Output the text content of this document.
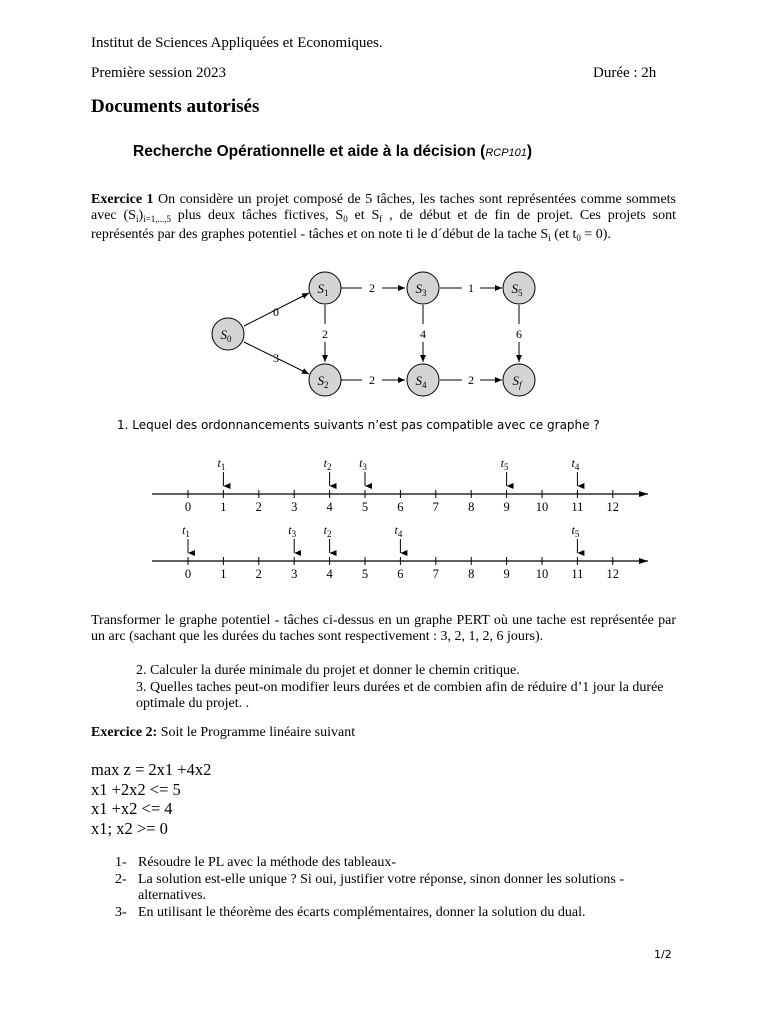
Institut de Sciences Appliquées et Economiques.
Première session 2023	Durée : 2h
Documents autorisés
Recherche Opérationnelle et aide à la décision (RCP101)
Exercice 1 On considère un projet composé de 5 tâches, les taches sont représentées comme sommets avec $(S_i)_{i=1,...,5}$ plus deux tâches fictives, $S_0$ et $S_f$ , de début et de fin de projet. Ces projets sont représentés par des graphes potentiel - tâches et on note ti le d´début de la tache $S_i$ (et $t_0 = 0$).
0
3
2
2
1
4
2	2
6
$S_0$
$S_1$
$S_2$
$S_3$
$S_4$
$S_5$
$S_f$
1. Lequel des ordonnancements suivants n’est pas compatible avec ce graphe ?
0 1 2 3 4 5 6 7 8 9 10 11 12
$t_1$	$t_2$ $t_3$	$t_5$	$t_4$
0 1 2 3 4 5 6 7 8 9 10 11 12
$t_1$	$t_3$ $t_2$	$t_4$	$t_5$
Transformer le graphe potentiel - tâches ci-dessus en un graphe PERT où une tache est représentée par un arc (sachant que les durées du taches sont respectivement : 3, 2, 1, 2, 6 jours).
2. Calculer la durée minimale du projet et donner le chemin critique.
3. Quelles taches peut-on modifier leurs durées et de combien afin de réduire d’1 jour la durée optimale du projet. .
Exercice 2: Soit le Programme linéaire suivant
max z = 2x1 +4x2
x1 +2x2 <= 5
x1 +x2 <= 4
x1; x2 >= 0
1- Résoudre le PL avec la méthode des tableaux-
2- La solution est-elle unique ? Si oui, justifier votre réponse, sinon donner les solutions - alternatives.
3- En utilisant le théorème des écarts complémentaires, donner la solution du dual.
1/2
